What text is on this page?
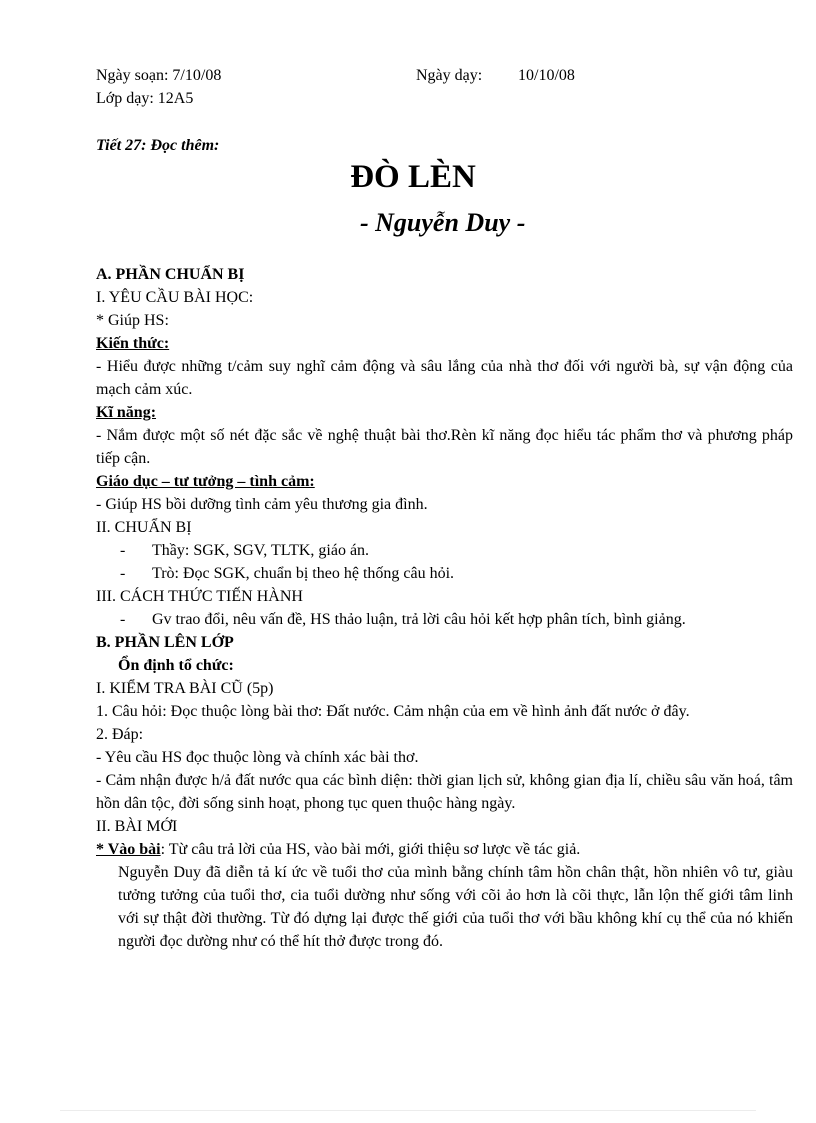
Ngày soạn: 7/10/08	Ngày dạy: 10/10/08
Lớp dạy: 12A5
Tiết 27: Đọc thêm:
ĐÒ LÈN
- Nguyễn Duy -

A. PHẦN CHUẨN BỊ

I. YÊU CẦU BÀI HỌC:

* Giúp HS:

Kiến thức:

- Hiểu được những t/cảm suy nghĩ cảm động và sâu lắng của nhà thơ đối với người bà, sự vận động của mạch cảm xúc.

Kĩ năng:

- Nắm được một số nét đặc sắc về nghệ thuật bài thơ.Rèn kĩ năng đọc hiểu tác phẩm thơ và phương pháp tiếp cận.

Giáo dục – tư tưởng – tình cảm:

- Giúp HS bồi dưỡng tình cảm yêu thương gia đình.

II. CHUẨN BỊ

-	Thầy: SGK, SGV, TLTK, giáo án.

-	Trò: Đọc SGK, chuẩn bị theo hệ thống câu hỏi.

III. CÁCH THỨC TIẾN HÀNH

-	Gv trao đổi, nêu vấn đề, HS thảo luận, trả lời câu hỏi kết hợp phân tích, bình giảng.

B. PHẦN LÊN LỚP

Ổn định tổ chức:

I. KIỂM TRA BÀI CŨ (5p)

1. Câu hỏi: Đọc thuộc lòng bài thơ: Đất nước. Cảm nhận của em về hình ảnh đất nước ở đây.

2. Đáp:

- Yêu cầu HS đọc thuộc lòng và chính xác bài thơ.

- Cảm nhận được h/ả đất nước qua các bình diện: thời gian lịch sử, không gian địa lí, chiều sâu văn hoá, tâm hồn dân tộc, đời sống sinh hoạt, phong tục quen thuộc hàng ngày.

II. BÀI MỚI

* Vào bài: Từ câu trả lời của HS, vào bài mới, giới thiệu sơ lược về tác giả.

Nguyễn Duy đã diễn tả kí ức về tuổi thơ của mình bằng chính tâm hồn chân thật, hồn nhiên vô tư, giàu tưởng tưởng của tuổi thơ, cia tuổi dường như sống với cõi ảo hơn là cõi thực, lẫn lộn thế giới tâm linh với sự thật đời thường. Từ đó dựng lại được thế giới của tuổi thơ với bầu không khí cụ thể của nó khiến người đọc dường như có thể hít thở được trong đó.
